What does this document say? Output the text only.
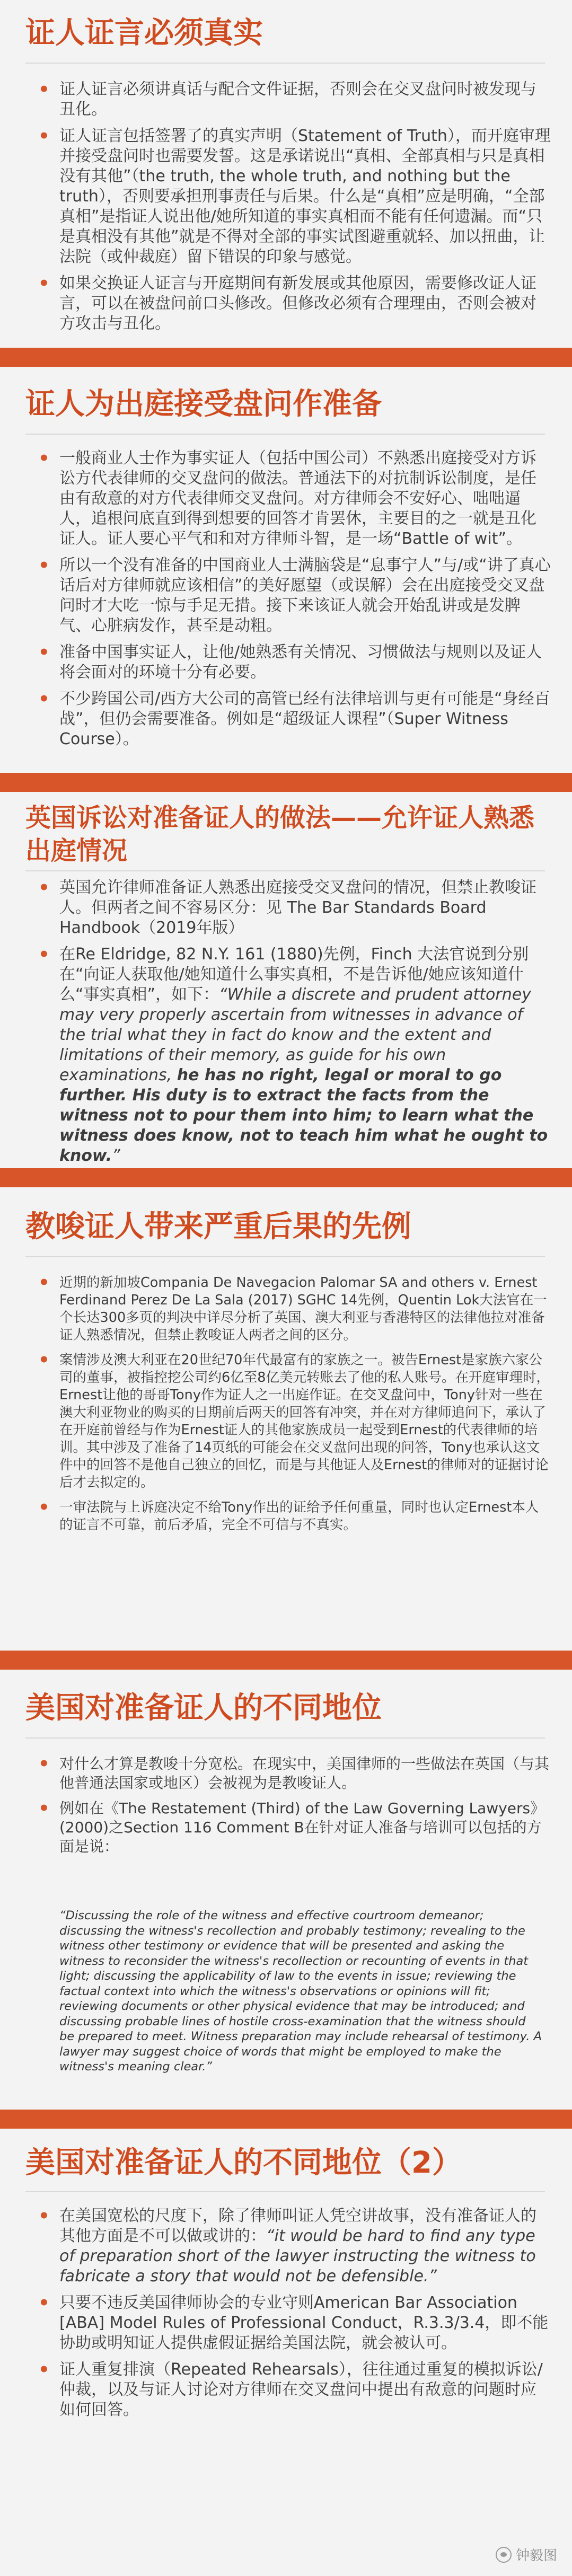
证人证言必须真实
• 证人证言必须讲真话与配合文件证据，否则会在交叉盘问时被发现与丑化。
• 证人证言包括签署了的真实声明（Statement of Truth），而开庭审理并接受盘问时也需要发誓。这是承诺说出“真相、全部真相与只是真相没有其他”（the truth, the whole truth, and nothing but the truth），否则要承担刑事责任与后果。什么是“真相”应是明确，“全部真相”是指证人说出他/她所知道的事实真相而不能有任何遗漏。而“只是真相没有其他”就是不得对全部的事实试图避重就轻、加以扭曲，让法院（或仲裁庭）留下错误的印象与感觉。
• 如果交换证人证言与开庭期间有新发展或其他原因，需要修改证人证言，可以在被盘问前口头修改。但修改必须有合理理由，否则会被对方攻击与丑化。
证人为出庭接受盘问作准备
• 一般商业人士作为事实证人（包括中国公司）不熟悉出庭接受对方诉讼方代表律师的交叉盘问的做法。普通法下的对抗制诉讼制度，是任由有敌意的对方代表律师交叉盘问。对方律师会不安好心、咄咄逼人，追根问底直到得到想要的回答才肯罢休，主要目的之一就是丑化证人。证人要心平气和和对方律师斗智，是一场“Battle of wit”。
• 所以一个没有准备的中国商业人士满脑袋是“息事宁人”与/或“讲了真心话后对方律师就应该相信”的美好愿望（或误解）会在出庭接受交叉盘问时才大吃一惊与手足无措。接下来该证人就会开始乱讲或是发脾气、心脏病发作，甚至是动粗。
• 准备中国事实证人，让他/她熟悉有关情况、习惯做法与规则以及证人将会面对的环境十分有必要。
• 不少跨国公司/西方大公司的高管已经有法律培训与更有可能是“身经百战”，但仍会需要准备。例如是“超级证人课程”（Super Witness Course）。
英国诉讼对准备证人的做法——允许证人熟悉出庭情况
• 英国允许律师准备证人熟悉出庭接受交叉盘问的情况，但禁止教唆证人。但两者之间不容易区分：见 The Bar Standards Board Handbook（2019年版）
• 在Re Eldridge, 82 N.Y. 161 (1880)先例，Finch 大法官说到分别在“向证人获取他/她知道什么事实真相，不是告诉他/她应该知道什么“事实真相”，如下：“While a discrete and prudent attorney may very properly ascertain from witnesses in advance of the trial what they in fact do know and the extent and limitations of their memory, as guide for his own examinations, he has no right, legal or moral to go further. His duty is to extract the facts from the witness not to pour them into him; to learn what the witness does know, not to teach him what he ought to know.”
教唆证人带来严重后果的先例
• 近期的新加坡Compania De Navegacion Palomar SA and others v. Ernest Ferdinand Perez De La Sala (2017) SGHC 14先例，Quentin Lok大法官在一个长达300多页的判决中详尽分析了英国、澳大利亚与香港特区的法律他拉对准备证人熟悉情况，但禁止教唆证人两者之间的区分。
• 案情涉及澳大利亚在20世纪70年代最富有的家族之一。被告Ernest是家族六家公司的董事，被指控挖公司约6亿至8亿美元转账去了他的私人账号。在开庭审理时，Ernest让他的哥哥Tony作为证人之一出庭作证。在交叉盘问中，Tony针对一些在澳大利亚物业的购买的日期前后两天的回答有冲突，并在对方律师追问下，承认了在开庭前曾经与作为Ernest证人的其他家族成员一起受到Ernest的代表律师的培训。其中涉及了准备了14页纸的可能会在交叉盘问出现的问答，Tony也承认这文件中的回答不是他自己独立的回忆，而是与其他证人及Ernest的律师对的证据讨论后才去拟定的。
• 一审法院与上诉庭决定不给Tony作出的证给予任何重量，同时也认定Ernest本人的证言不可靠，前后矛盾，完全不可信与不真实。
美国对准备证人的不同地位
• 对什么才算是教唆十分宽松。在现实中，美国律师的一些做法在英国（与其他普通法国家或地区）会被视为是教唆证人。
• 例如在《The Restatement (Third) of the Law Governing Lawyers》(2000)之Section 116 Comment B在针对证人准备与培训可以包括的方面是说：
“Discussing the role of the witness and effective courtroom demeanor; discussing the witness's recollection and probably testimony; revealing to the witness other testimony or evidence that will be presented and asking the witness to reconsider the witness's recollection or recounting of events in that light; discussing the applicability of law to the events in issue; reviewing the factual context into which the witness's observations or opinions will fit; reviewing documents or other physical evidence that may be introduced; and discussing probable lines of hostile cross-examination that the witness should be prepared to meet. Witness preparation may include rehearsal of testimony. A lawyer may suggest choice of words that might be employed to make the witness's meaning clear.”
美国对准备证人的不同地位（2）
• 在美国宽松的尺度下，除了律师叫证人凭空讲故事，没有准备证人的其他方面是不可以做或讲的：“it would be hard to find any type of preparation short of the lawyer instructing the witness to fabricate a story that would not be defensible.”
• 只要不违反美国律师协会的专业守则American Bar Association [ABA] Model Rules of Professional Conduct，R.3.3/3.4，即不能协助或明知证人提供虚假证据给美国法院，就会被认可。
• 证人重复排演（Repeated Rehearsals），往往通过重复的模拟诉讼/仲裁，以及与证人讨论对方律师在交叉盘问中提出有敌意的问题时应如何回答。
钟毅图
